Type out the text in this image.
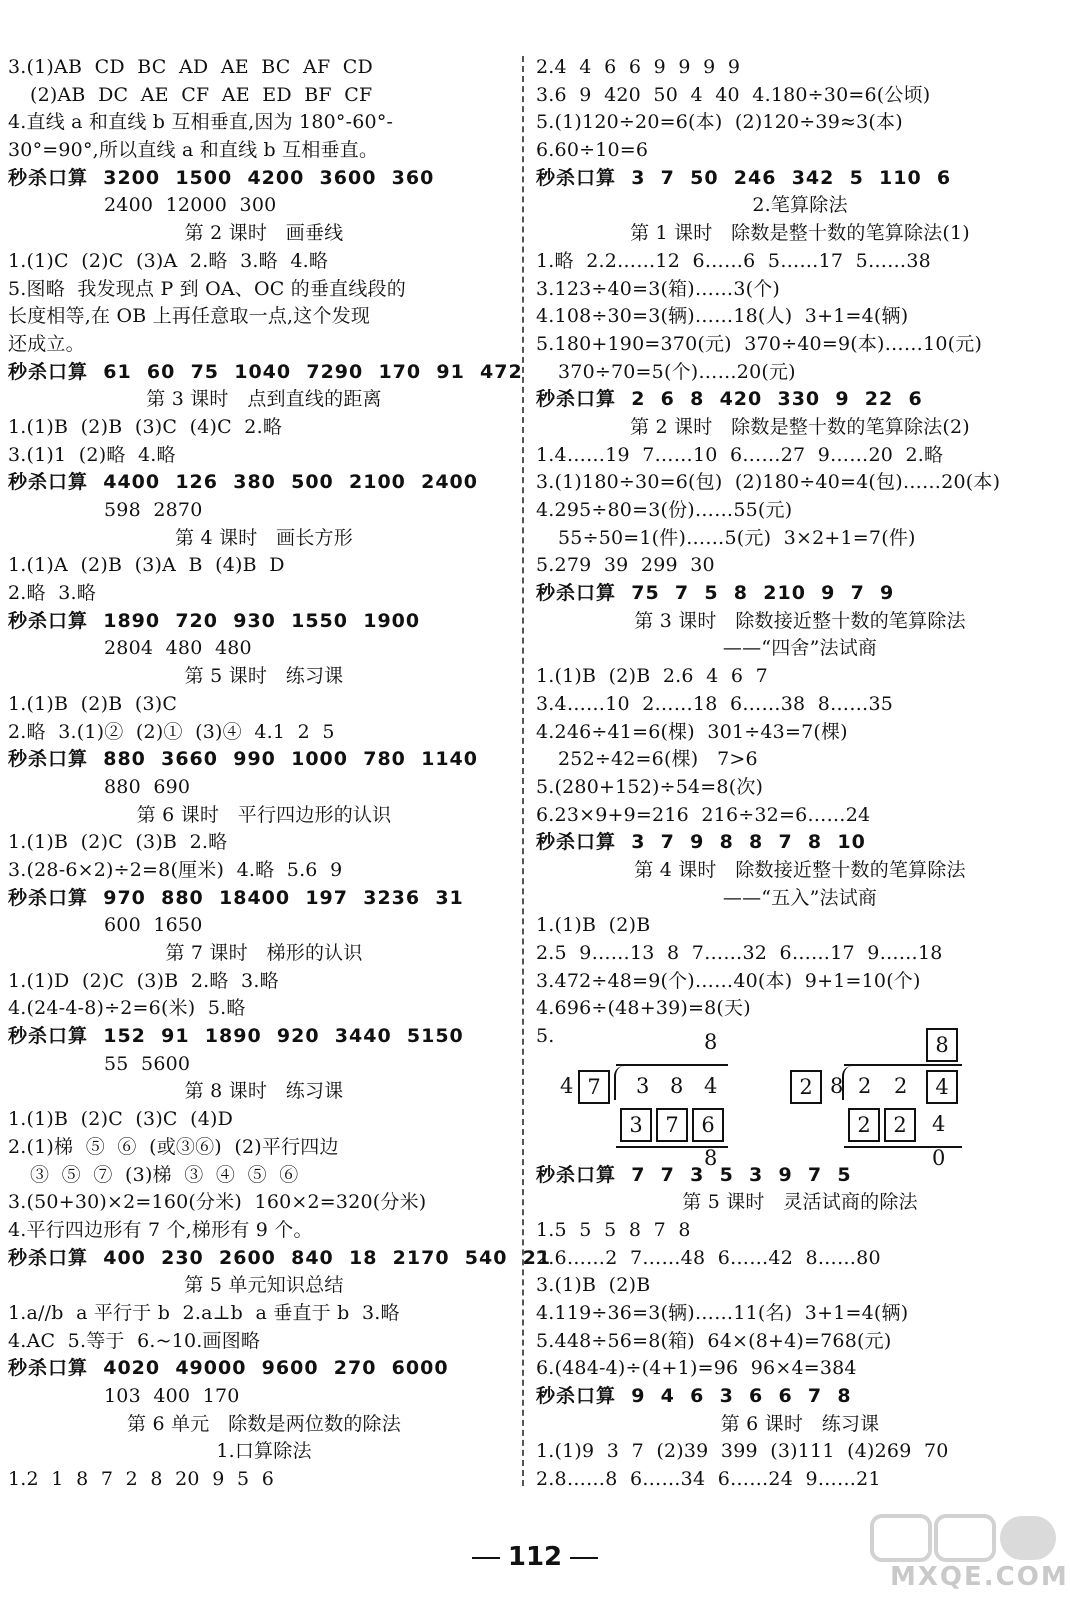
3.(1)AB  CD  BC  AD  AE  BC  AF  CD
(2)AB  DC  AE  CF  AE  ED  BF  CF
4.直线 a 和直线 b 互相垂直,因为 180°-60°-
30°=90°,所以直线 a 和直线 b 互相垂直。
秒杀口算  3200  1500  4200  3600  360
2400  12000  300
第 2 课时   画垂线
1.(1)C  (2)C  (3)A  2.略  3.略  4.略
5.图略  我发现点 P 到 OA、OC 的垂直线段的
长度相等,在 OB 上再任意取一点,这个发现
还成立。
秒杀口算  61  60  75  1040  7290  170  91  472
第 3 课时   点到直线的距离
1.(1)B  (2)B  (3)C  (4)C  2.略
3.(1)1  (2)略  4.略
秒杀口算  4400  126  380  500  2100  2400
598  2870
第 4 课时   画长方形
1.(1)A  (2)B  (3)A  B  (4)B  D
2.略  3.略
秒杀口算  1890  720  930  1550  1900
2804  480  480
第 5 课时   练习课
1.(1)B  (2)B  (3)C
2.略  3.(1)②  (2)①  (3)④  4.1  2  5
秒杀口算  880  3660  990  1000  780  1140
880  690
第 6 课时   平行四边形的认识
1.(1)B  (2)C  (3)B  2.略
3.(28-6×2)÷2=8(厘米)  4.略  5.6  9
秒杀口算  970  880  18400  197  3236  31
600  1650
第 7 课时   梯形的认识
1.(1)D  (2)C  (3)B  2.略  3.略
4.(24-4-8)÷2=6(米)  5.略
秒杀口算  152  91  1890  920  3440  5150
55  5600
第 8 课时   练习课
1.(1)B  (2)C  (3)C  (4)D
2.(1)梯  ⑤  ⑥  (或③⑥)  (2)平行四边
③  ⑤  ⑦  (3)梯  ③  ④  ⑤  ⑥
3.(50+30)×2=160(分米)  160×2=320(分米)
4.平行四边形有 7 个,梯形有 9 个。
秒杀口算  400  230  2600  840  18  2170  540  21
第 5 单元知识总结
1.a//b  a 平行于 b  2.a⊥b  a 垂直于 b  3.略
4.AC  5.等于  6.~10.画图略
秒杀口算  4020  49000  9600  270  6000
103  400  170
第 6 单元   除数是两位数的除法
1.口算除法
1.2  1  8  7  2  8  20  9  5  6
2.4  4  6  6  9  9  9  9
3.6  9  420  50  4  40  4.180÷30=6(公顷)
5.(1)120÷20=6(本)  (2)120÷39≈3(本)
6.60÷10=6
秒杀口算  3  7  50  246  342  5  110  6
2.笔算除法
第 1 课时   除数是整十数的笔算除法(1)
1.略  2.2……12  6……6  5……17  5……38
3.123÷40=3(箱)……3(个)
4.108÷30=3(辆)……18(人)  3+1=4(辆)
5.180+190=370(元)  370÷40=9(本)……10(元)
370÷70=5(个)……20(元)
秒杀口算  2  6  8  420  330  9  22  6
第 2 课时   除数是整十数的笔算除法(2)
1.4……19  7……10  6……27  9……20  2.略
3.(1)180÷30=6(包)  (2)180÷40=4(包)……20(本)
4.295÷80=3(份)……55(元)
55÷50=1(件)……5(元)  3×2+1=7(件)
5.279  39  299  30
秒杀口算  75  7  5  8  210  9  7  9
第 3 课时   除数接近整十数的笔算除法
——“四舍”法试商
1.(1)B  (2)B  2.6  4  6  7
3.4……10  2……18  6……38  8……35
4.246÷41=6(棵)  301÷43=7(棵)
252÷42=6(棵)   7>6
5.(280+152)÷54=8(次)
6.23×9+9=216  216÷32=6……24
秒杀口算  3  7  9  8  8  7  8  10
第 4 课时   除数接近整十数的笔算除法
——“五入”法试商
1.(1)B  (2)B
2.5  9……13  8  7……32  6……17  9……18
3.472÷48=9(个)……40(本)  9+1=10(个)
4.696÷(48+39)=8(天)
5.
秒杀口算  7  7  3  5  3  9  7  5
第 5 课时   灵活试商的除法
1.5  5  5  8  7  8
2.6……2  7……48  6……42  8……80
3.(1)B  (2)B
4.119÷36=3(辆)……11(名)  3+1=4(辆)
5.448÷56=8(箱)  64×(8+4)=768(元)
6.(484-4)÷(4+1)=96  96×4=384
秒杀口算  9  4  6  3  6  6  7  8
第 6 课时   练习课
1.(1)9  3  7  (2)39  399  (3)111  (4)269  70
2.8……8  6……34  6……24  9……21
8
4 7	3 8 4
3	7	6
8
8
2 8 2 2	4
2	2	4
0
112
MXQE.COM
